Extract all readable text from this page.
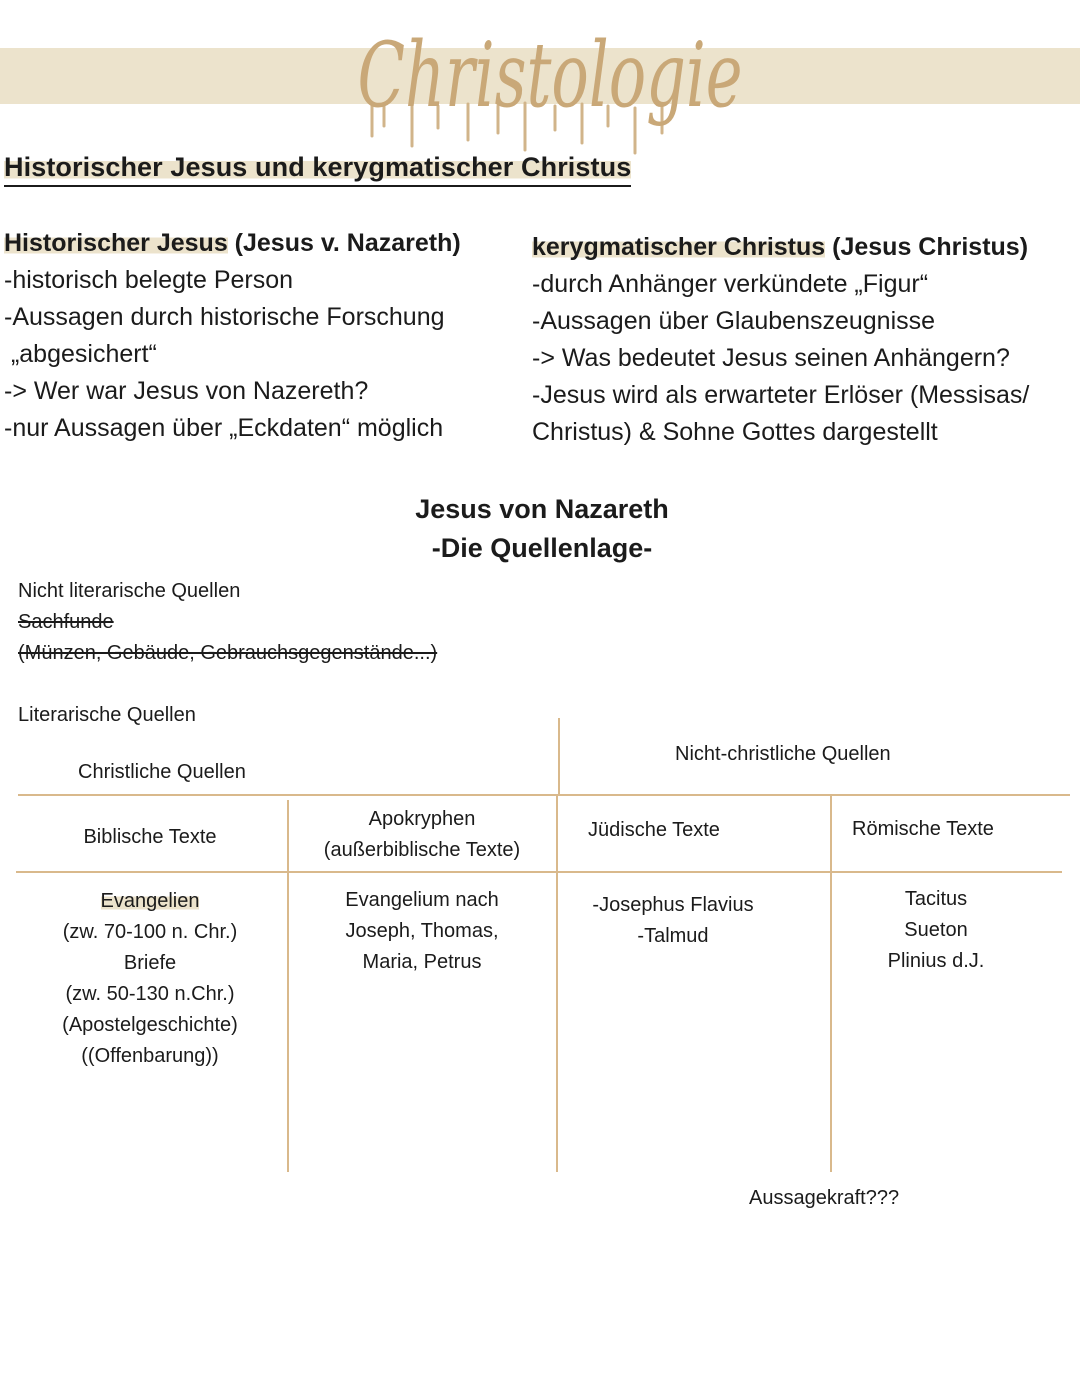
Christologie
Historischer Jesus und kerygmatischer Christus
Historischer Jesus (Jesus v. Nazareth)
-historisch belegte Person
-Aussagen durch historische Forschung
„abgesichert“
-> Wer war Jesus von Nazereth?
-nur Aussagen über „Eckdaten“ möglich
kerygmatischer Christus (Jesus Christus)
-durch Anhänger verkündete „Figur“
-Aussagen über Glaubenszeugnisse
-> Was bedeutet Jesus seinen Anhängern?
-Jesus wird als erwarteter Erlöser (Messisas/
Christus) & Sohne Gottes dargestellt
Jesus von Nazareth
-Die Quellenlage-
Nicht literarische Quellen
Sachfunde
(Münzen, Gebäude, Gebrauchsgegenstände...)
Literarische Quellen
Christliche Quellen
Nicht-christliche Quellen
Biblische Texte
Apokryphen
(außerbiblische Texte)
Jüdische Texte	Römische Texte
Evangelien
(zw. 70-100 n. Chr.)
Briefe
(zw. 50-130 n.Chr.)
(Apostelgeschichte)
((Offenbarung))
Evangelium nach
Joseph, Thomas,
Maria, Petrus
-Josephus Flavius
-Talmud
Tacitus
Sueton
Plinius d.J.
Aussagekraft???
